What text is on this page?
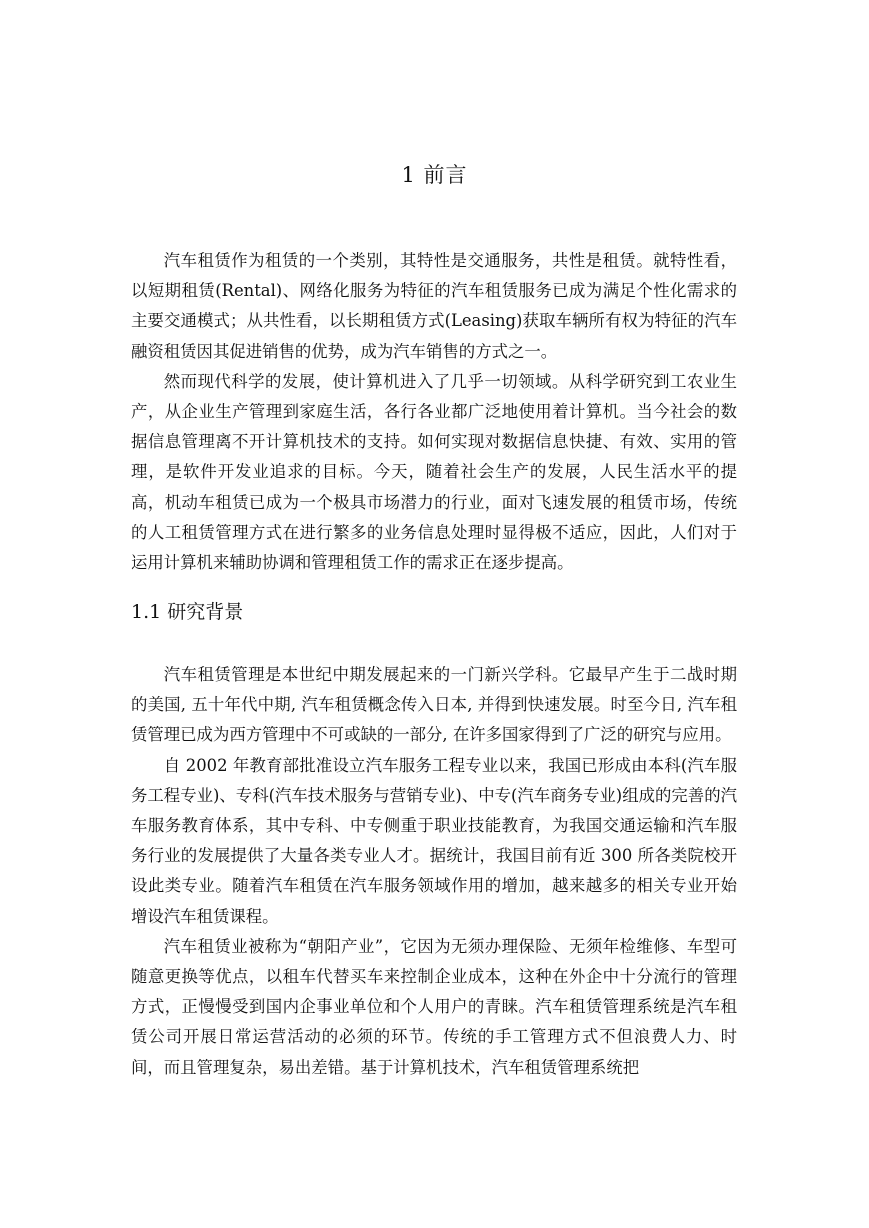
1 前言

汽车租赁作为租赁的一个类别，其特性是交通服务，共性是租赁。就特性看，以短期租赁(Rental)、网络化服务为特征的汽车租赁服务已成为满足个性化需求的主要交通模式；从共性看，以长期租赁方式(Leasing)获取车辆所有权为特征的汽车融资租赁因其促进销售的优势，成为汽车销售的方式之一。

然而现代科学的发展，使计算机进入了几乎一切领域。从科学研究到工农业生产，从企业生产管理到家庭生活，各行各业都广泛地使用着计算机。当今社会的数据信息管理离不开计算机技术的支持。如何实现对数据信息快捷、有效、实用的管理，是软件开发业追求的目标。今天，随着社会生产的发展，人民生活水平的提高，机动车租赁已成为一个极具市场潜力的行业，面对飞速发展的租赁市场，传统的人工租赁管理方式在进行繁多的业务信息处理时显得极不适应，因此，人们对于运用计算机来辅助协调和管理租赁工作的需求正在逐步提高。

1.1 研究背景

汽车租赁管理是本世纪中期发展起来的一门新兴学科。它最早产生于二战时期的美国, 五十年代中期, 汽车租赁概念传入日本, 并得到快速发展。时至今日, 汽车租赁管理已成为西方管理中不可或缺的一部分, 在许多国家得到了广泛的研究与应用。

自 2002 年教育部批准设立汽车服务工程专业以来，我国已形成由本科(汽车服务工程专业)、专科(汽车技术服务与营销专业)、中专(汽车商务专业)组成的完善的汽车服务教育体系，其中专科、中专侧重于职业技能教育，为我国交通运输和汽车服务行业的发展提供了大量各类专业人才。据统计，我国目前有近 300 所各类院校开设此类专业。随着汽车租赁在汽车服务领域作用的增加，越来越多的相关专业开始增设汽车租赁课程。

汽车租赁业被称为“朝阳产业”，它因为无须办理保险、无须年检维修、车型可随意更换等优点，以租车代替买车来控制企业成本，这种在外企中十分流行的管理方式，正慢慢受到国内企事业单位和个人用户的青睐。汽车租赁管理系统是汽车租赁公司开展日常运营活动的必须的环节。传统的手工管理方式不但浪费人力、时间，而且管理复杂，易出差错。基于计算机技术，汽车租赁管理系统把
